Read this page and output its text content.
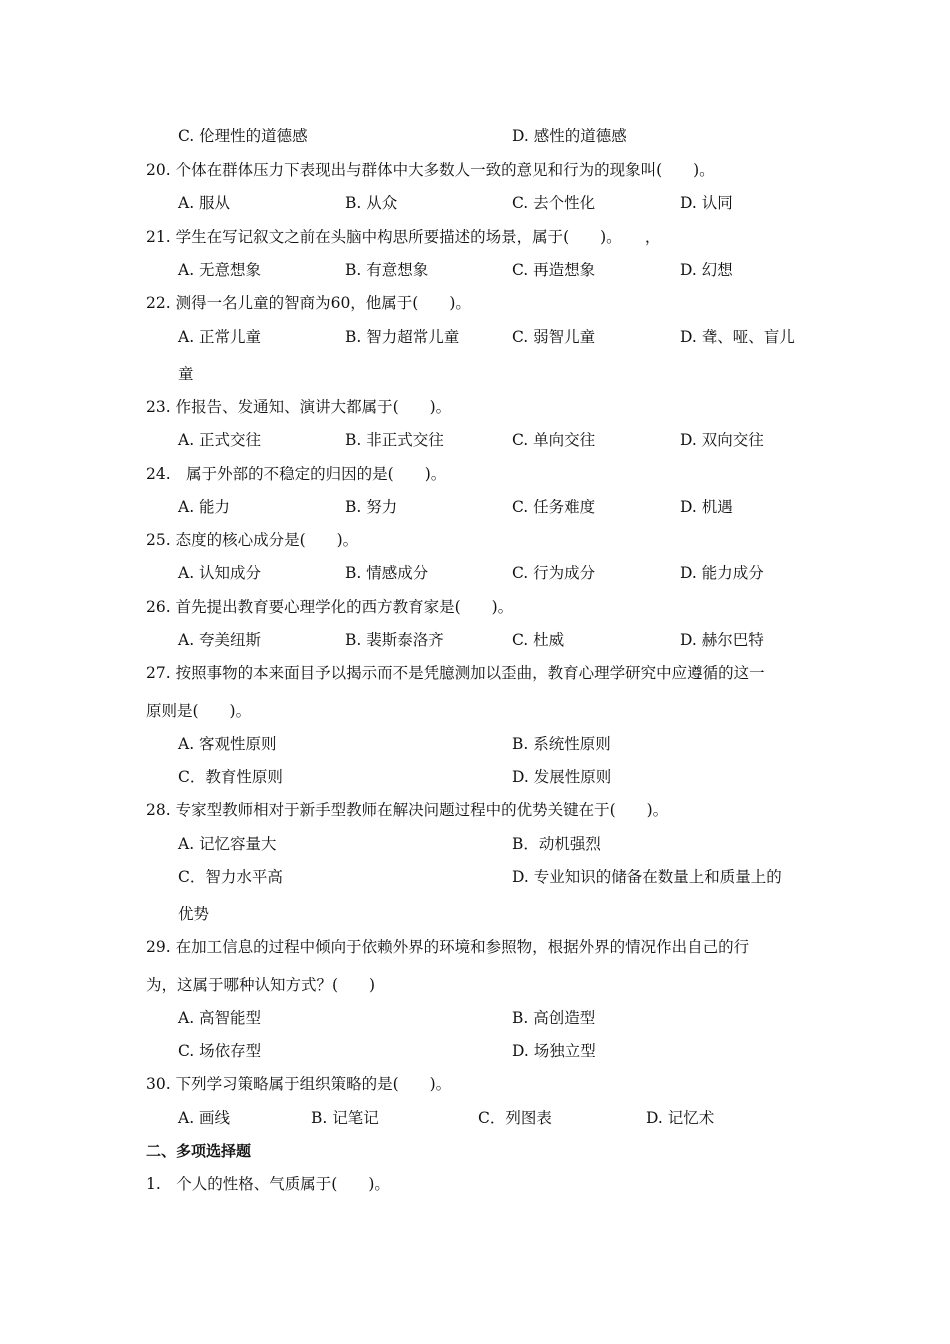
C. 伦理性的道德感	D. 感性的道德感
20. 个体在群体压力下表现出与群体中大多数人一致的意见和行为的现象叫(　　)。
A. 服从	B. 从众	C. 去个性化	D. 认同
21. 学生在写记叙文之前在头脑中构思所要描述的场景，属于(　　)。　　，
A. 无意想象	B. 有意想象	C. 再造想象	D. 幻想
22. 测得一名儿童的智商为60，他属于(　　)。
A. 正常儿童	B. 智力超常儿童	C. 弱智儿童	D. 聋、哑、盲儿
童
23. 作报告、发通知、演讲大都属于(　　)。
A. 正式交往	B. 非正式交往	C. 单向交往	D. 双向交往
24.　属于外部的不稳定的归因的是(　　)。
A. 能力	B. 努力	C. 任务难度	D. 机遇
25. 态度的核心成分是(　　)。
A. 认知成分	B. 情感成分	C. 行为成分	D. 能力成分
26. 首先提出教育要心理学化的西方教育家是(　　)。
A. 夸美纽斯	B. 裴斯泰洛齐	C. 杜威	D. 赫尔巴特
27. 按照事物的本来面目予以揭示而不是凭臆测加以歪曲，教育心理学研究中应遵循的这一
原则是(　　)。
A. 客观性原则	B. 系统性原则
C．教育性原则	D. 发展性原则
28. 专家型教师相对于新手型教师在解决问题过程中的优势关键在于(　　)。
A. 记忆容量大	B．动机强烈
C．智力水平高	D. 专业知识的储备在数量上和质量上的
优势
29. 在加工信息的过程中倾向于依赖外界的环境和参照物，根据外界的情况作出自己的行
为，这属于哪种认知方式？(　　)
A. 高智能型	B. 高创造型
C. 场依存型	D. 场独立型
30. 下列学习策略属于组织策略的是(　　)。
A. 画线	B. 记笔记	C．列图表	D. 记忆术
二、多项选择题
1.　个人的性格、气质属于(　　)。
